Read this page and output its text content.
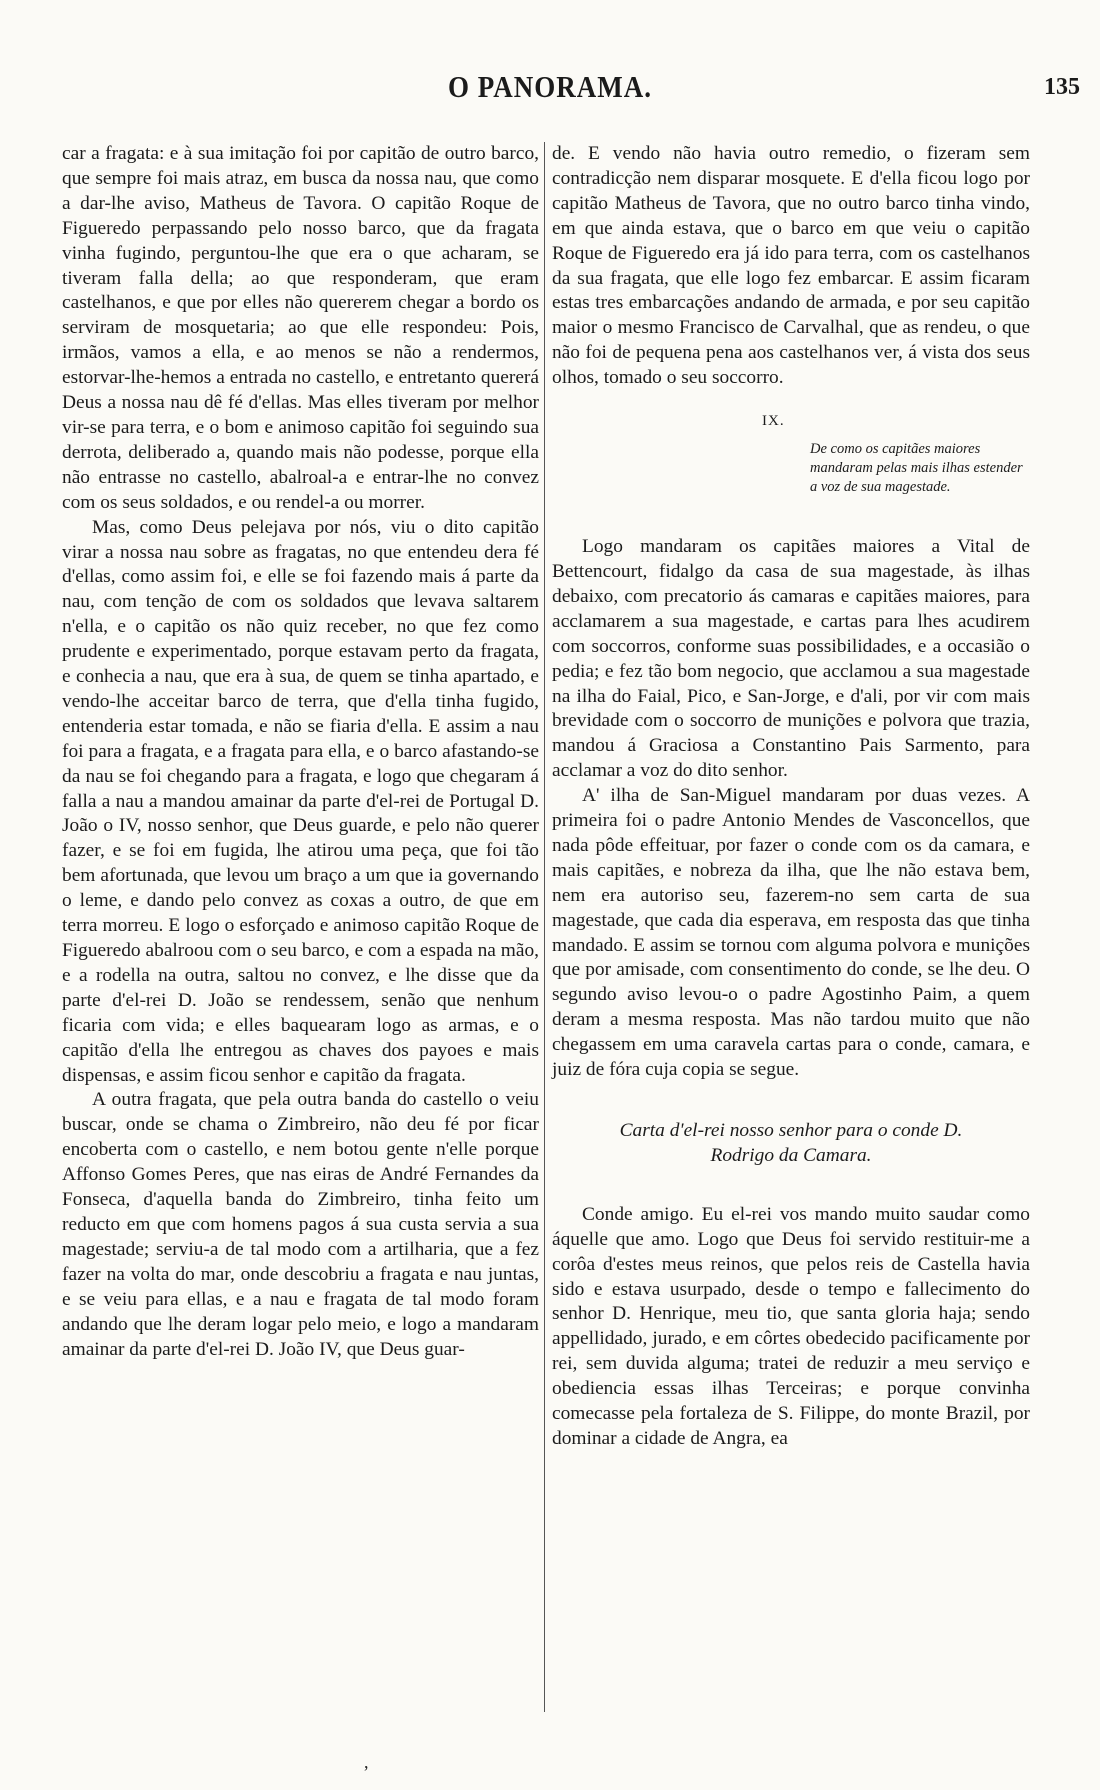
O PANORAMA.	135

car a fragata: e à sua imitação foi por capitão de outro barco, que sempre foi mais atraz, em busca da nossa nau, que como a dar-lhe aviso, Matheus de Tavora. O capitão Roque de Figueredo perpassando pelo nosso barco, que da fragata vinha fugindo, perguntou-lhe que era o que acharam, se tiveram falla della; ao que responderam, que eram castelhanos, e que por elles não quererem chegar a bordo os serviram de mosquetaria; ao que elle respondeu: Pois, irmãos, vamos a ella, e ao menos se não a rendermos, estorvar-lhe-hemos a entrada no castello, e entretanto quererá Deus a nossa nau dê fé d'ellas. Mas elles tiveram por melhor vir-se para terra, e o bom e animoso capitão foi seguindo sua derrota, deliberado a, quando mais não podesse, porque ella não entrasse no castello, abalroal-a e entrar-lhe no convez com os seus soldados, e ou rendel-a ou morrer.

Mas, como Deus pelejava por nós, viu o dito capitão virar a nossa nau sobre as fragatas, no que entendeu dera fé d'ellas, como assim foi, e elle se foi fazendo mais á parte da nau, com tenção de com os soldados que levava saltarem n'ella, e o capitão os não quiz receber, no que fez como prudente e experimentado, porque estavam perto da fragata, e conhecia a nau, que era à sua, de quem se tinha apartado, e vendo-lhe acceitar barco de terra, que d'ella tinha fugido, entenderia estar tomada, e não se fiaria d'ella. E assim a nau foi para a fragata, e a fragata para ella, e o barco afastando-se da nau se foi chegando para a fragata, e logo que chegaram á falla a nau a mandou amainar da parte d'el-rei de Portugal D. João o IV, nosso senhor, que Deus guarde, e pelo não querer fazer, e se foi em fugida, lhe atirou uma peça, que foi tão bem afortunada, que levou um braço a um que ia governando o leme, e dando pelo convez as coxas a outro, de que em terra morreu. E logo o esforçado e animoso capitão Roque de Figueredo abalroou com o seu barco, e com a espada na mão, e a rodella na outra, saltou no convez, e lhe disse que da parte d'el-rei D. João se rendessem, senão que nenhum ficaria com vida; e elles baquearam logo as armas, e o capitão d'ella lhe entregou as chaves dos payoes e mais dispensas, e assim ficou senhor e capitão da fragata.

A outra fragata, que pela outra banda do castello o veiu buscar, onde se chama o Zimbreiro, não deu fé por ficar encoberta com o castello, e nem botou gente n'elle porque Affonso Gomes Peres, que nas eiras de André Fernandes da Fonseca, d'aquella banda do Zimbreiro, tinha feito um reducto em que com homens pagos á sua custa servia a sua magestade; serviu-a de tal modo com a artilharia, que a fez fazer na volta do mar, onde descobriu a fragata e nau juntas, e se veiu para ellas, e a nau e fragata de tal modo foram andando que lhe deram logar pelo meio, e logo a mandaram amainar da parte d'el-rei D. João IV, que Deus guar-

de. E vendo não havia outro remedio, o fizeram sem contradicção nem disparar mosquete. E d'ella ficou logo por capitão Matheus de Tavora, que no outro barco tinha vindo, em que ainda estava, que o barco em que veiu o capitão Roque de Figueredo era já ido para terra, com os castelhanos da sua fragata, que elle logo fez embarcar. E assim ficaram estas tres embarcações andando de armada, e por seu capitão maior o mesmo Francisco de Carvalhal, que as rendeu, o que não foi de pequena pena aos castelhanos ver, á vista dos seus olhos, tomado o seu soccorro.

IX.
De como os capitães maiores mandaram pelas mais ilhas estender a voz de sua magestade.

Logo mandaram os capitães maiores a Vital de Bettencourt, fidalgo da casa de sua magestade, às ilhas debaixo, com precatorio ás camaras e capitães maiores, para acclamarem a sua magestade, e cartas para lhes acudirem com soccorros, conforme suas possibilidades, e a occasião o pedia; e fez tão bom negocio, que acclamou a sua magestade na ilha do Faial, Pico, e San-Jorge, e d'ali, por vir com mais brevidade com o soccorro de munições e polvora que trazia, mandou á Graciosa a Constantino Pais Sarmento, para acclamar a voz do dito senhor.

A' ilha de San-Miguel mandaram por duas vezes. A primeira foi o padre Antonio Mendes de Vasconcellos, que nada pôde effeituar, por fazer o conde com os da camara, e mais capitães, e nobreza da ilha, que lhe não estava bem, nem era autoriso seu, fazerem-no sem carta de sua magestade, que cada dia esperava, em resposta das que tinha mandado. E assim se tornou com alguma polvora e munições que por amisade, com consentimento do conde, se lhe deu. O segundo aviso levou-o o padre Agostinho Paim, a quem deram a mesma resposta. Mas não tardou muito que não chegassem em uma caravela cartas para o conde, camara, e juiz de fóra cuja copia se segue.

Carta d'el-rei nosso senhor para o conde D.
Rodrigo da Camara.

Conde amigo. Eu el-rei vos mando muito saudar como áquelle que amo. Logo que Deus foi servido restituir-me a corôa d'estes meus reinos, que pelos reis de Castella havia sido e estava usurpado, desde o tempo e fallecimento do senhor D. Henrique, meu tio, que santa gloria haja; sendo appellidado, jurado, e em côrtes obedecido pacificamente por rei, sem duvida alguma; tratei de reduzir a meu serviço e obediencia essas ilhas Terceiras; e porque convinha comecasse pela fortaleza de S. Filippe, do monte Brazil, por dominar a cidade de Angra, ea

,
